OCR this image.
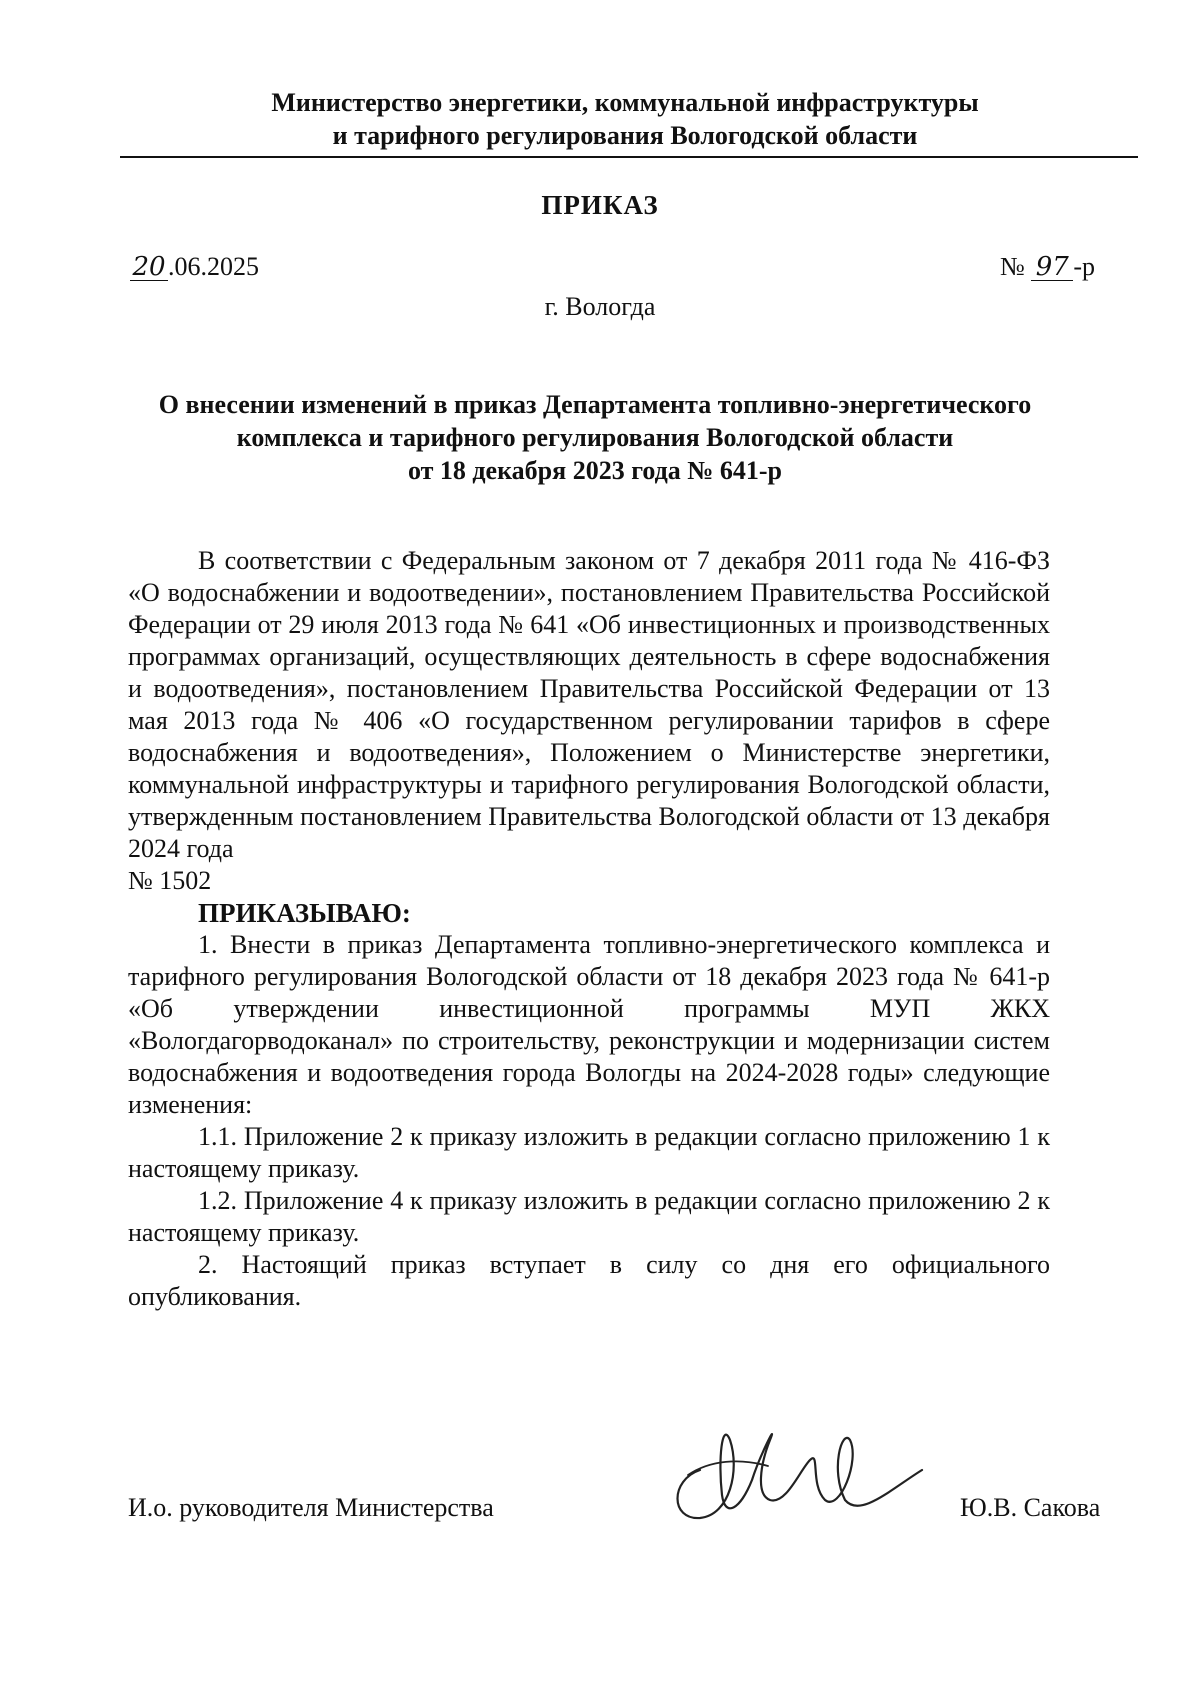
Министерство энергетики, коммунальной инфраструктуры
и тарифного регулирования Вологодской области
ПРИКАЗ
20.06.2025	№ 97 -р
г. Вологда
О внесении изменений в приказ Департамента топливно-энергетического
комплекса и тарифного регулирования Вологодской области
от 18 декабря 2023 года № 641-р

В соответствии с Федеральным законом от 7 декабря 2011 года № 416-ФЗ «О водоснабжении и водоотведении», постановлением Правительства Российской Федерации от 29 июля 2013 года № 641 «Об инвестиционных и производственных программах организаций, осуществляющих деятельность в сфере водоснабжения и водоотведения», постановлением Правительства Российской Федерации от 13 мая 2013 года № 406 «О государственном регулировании тарифов в сфере водоснабжения и водоотведения», Положением о Министерстве энергетики, коммунальной инфраструктуры и тарифного регулирования Вологодской области, утвержденным постановлением Правительства Вологодской области от 13 декабря 2024 года

№ 1502

ПРИКАЗЫВАЮ:

1. Внести в приказ Департамента топливно-энергетического комплекса и тарифного регулирования Вологодской области от 18 декабря 2023 года № 641-р «Об утверждении инвестиционной программы МУП ЖКХ «Вологдагорводоканал» по строительству, реконструкции и модернизации систем водоснабжения и водоотведения города Вологды на 2024-2028 годы» следующие изменения:

1.1. Приложение 2 к приказу изложить в редакции согласно приложению 1 к настоящему приказу.

1.2. Приложение 4 к приказу изложить в редакции согласно приложению 2 к настоящему приказу.

2. Настоящий приказ вступает в силу со дня его официального опубликования.

И.о. руководителя Министерства	Ю.В. Сакова
